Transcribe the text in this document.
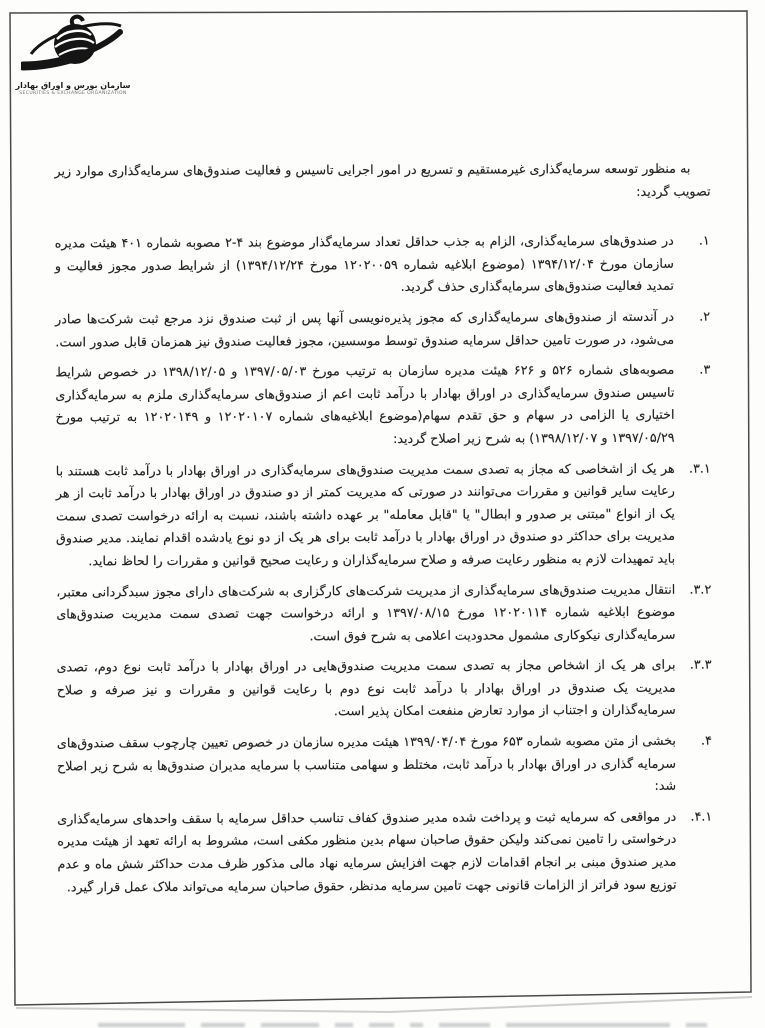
سازمان بورس و اوراق بهادار
SECURITIES & EXCHANGE ORGANIZATION

به منظور توسعه سرمایه‌گذاری غیرمستقیم و تسریع در امور اجرایی تاسیس و فعالیت صندوق‌های سرمایه‌گذاری موارد زیر تصویب گردید:

۱.
در صندوق‌های سرمایه‌گذاری، الزام به جذب حداقل تعداد سرمایه‌گذار موضوع بند ۴-۲ مصوبه شماره ۴۰۱ هیئت مدیره سازمان مورخ ۱۳۹۴/۱۲/۰۴ (موضوع ابلاغیه شماره ۱۲۰۲۰۰۵۹ مورخ ۱۳۹۴/۱۲/۲۴) از شرایط صدور مجوز فعالیت و تمدید فعالیت صندوق‌های سرمایه‌گذاری حذف گردید.
۲.
در آندسته از صندوق‌های سرمایه‌گذاری که مجوز پذیره‌نویسی آنها پس از ثبت صندوق نزد مرجع ثبت شرکت‌ها صادر می‌شود، در صورت تامین حداقل سرمایه صندوق توسط موسسین، مجوز فعالیت صندوق نیز همزمان قابل صدور است.
۳.
مصوبه‌های شماره ۵۲۶ و ۶۲۶ هیئت مدیره سازمان به ترتیب مورخ ۱۳۹۷/۰۵/۰۳ و ۱۳۹۸/۱۲/۰۵ در خصوص شرایط تاسیس صندوق سرمایه‌گذاری در اوراق بهادار با درآمد ثابت اعم از صندوق‌های سرمایه‌گذاری ملزم به سرمایه‌گذاری اختیاری یا الزامی در سهام و حق تقدم سهام(موضوع ابلاغیه‌های شماره ۱۲۰۲۰۱۰۷ و ۱۲۰۲۰۱۴۹ به ترتیب مورخ ۱۳۹۷/۰۵/۲۹ و ۱۳۹۸/۱۲/۰۷) به شرح زیر اصلاح گردید:
۳.۱.
هر یک از اشخاصی که مجاز به تصدی سمت مدیریت صندوق‌های سرمایه‌گذاری در اوراق بهادار با درآمد ثابت هستند با رعایت سایر قوانین و مقررات می‌توانند در صورتی که مدیریت کمتر از دو صندوق در اوراق بهادار با درآمد ثابت از هر یک از انواع "مبتنی بر صدور و ابطال" یا "قابل معامله" بر عهده داشته باشند، نسبت به ارائه درخواست تصدی سمت مدیریت برای حداکثر دو صندوق در اوراق بهادار با درآمد ثابت برای هر یک از دو نوع یادشده اقدام نمایند. مدیر صندوق باید تمهیدات لازم به منظور رعایت صرفه و صلاح سرمایه‌گذاران و رعایت صحیح قوانین و مقررات را لحاظ نماید.
۳.۲.
انتقال مدیریت صندوق‌های سرمایه‌گذاری از مدیریت شرکت‌های کارگزاری به شرکت‌های دارای مجوز سبدگردانی معتبر، موضوع ابلاغیه شماره ۱۲۰۲۰۱۱۴ مورخ ۱۳۹۷/۰۸/۱۵ و ارائه درخواست جهت تصدی سمت مدیریت صندوق‌های سرمایه‌گذاری نیکوکاری مشمول محدودیت اعلامی به شرح فوق است.
۳.۳.
برای هر یک از اشخاص مجاز به تصدی سمت مدیریت صندوق‌هایی در اوراق بهادار با درآمد ثابت نوع دوم، تصدی مدیریت یک صندوق در اوراق بهادار با درآمد ثابت نوع دوم با رعایت قوانین و مقررات و نیز صرفه و صلاح سرمایه‌گذاران و اجتناب از موارد تعارض منفعت امکان پذیر است.
۴.
بخشی از متن مصوبه شماره ۶۵۳ مورخ ۱۳۹۹/۰۴/۰۴ هیئت مدیره سازمان در خصوص تعیین چارچوب سقف صندوق‌های سرمایه گذاری در اوراق بهادار با درآمد ثابت، مختلط و سهامی متناسب با سرمایه مدیران صندوق‌ها به شرح زیر اصلاح شد:
۴.۱.
در مواقعی که سرمایه ثبت و پرداخت شده مدیر صندوق کفاف تناسب حداقل سرمایه با سقف واحدهای سرمایه‌گذاری درخواستی را تامین نمی‌کند ولیکن حقوق صاحبان سهام بدین منظور مکفی است، مشروط به ارائه تعهد از هیئت مدیره مدیر صندوق مبنی بر انجام اقدامات لازم جهت افزایش سرمایه نهاد مالی مذکور ظرف مدت حداکثر شش ماه و عدم توزیع سود فراتر از الزامات قانونی جهت تامین سرمایه مدنظر، حقوق صاحبان سرمایه می‌تواند ملاک عمل قرار گیرد.
